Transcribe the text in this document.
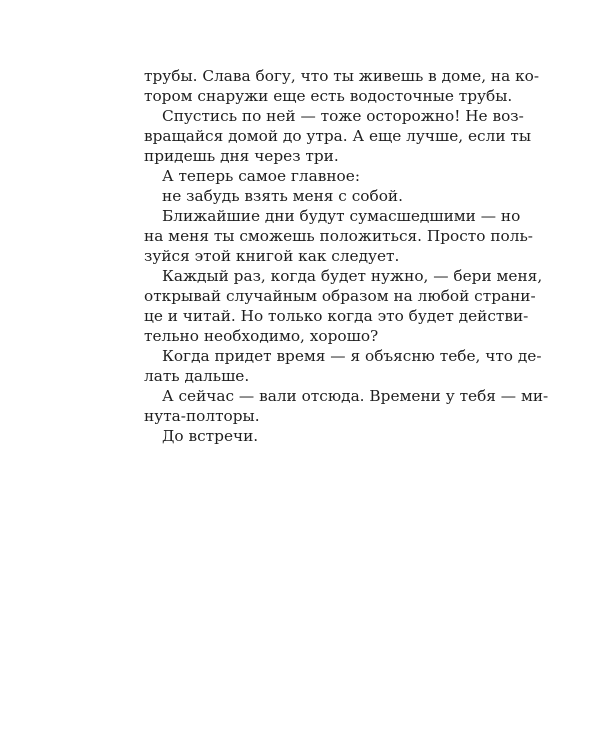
трубы. Слава богу, что ты живешь в доме, на ко-
тором снаружи еще есть водосточные трубы.
Спустись по ней — тоже осторожно! Не воз-
вращайся домой до утра. А еще лучше, если ты
придешь дня через три.
А теперь самое главное:
не забудь взять меня с собой.
Ближайшие дни будут сумасшедшими — но
на меня ты сможешь положиться. Просто поль-
зуйся этой книгой как следует.
Каждый раз, когда будет нужно, — бери меня,
открывай случайным образом на любой страни-
це и читай. Но только когда это будет действи-
тельно необходимо, хорошо?
Когда придет время — я объясню тебе, что де-
лать дальше.
А сейчас — вали отсюда. Времени у тебя — ми-
нута-полторы.
До встречи.
